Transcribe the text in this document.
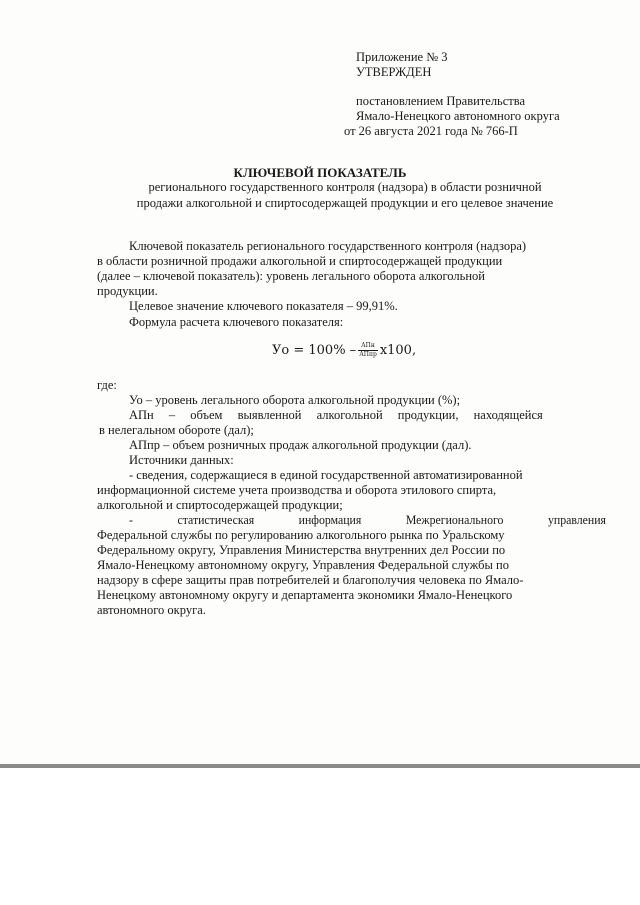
Приложение № 3
УТВЕРЖДЕН
постановлением Правительства
Ямало-Ненецкого автономного округа
от 26 августа 2021 года № 766-П
КЛЮЧЕВОЙ ПОКАЗАТЕЛЬ
регионального государственного контроля (надзора) в области розничной
продажи алкогольной и спиртосодержащей продукции и его целевое значение
Ключевой показатель регионального государственного контроля (надзора)
в области розничной продажи алкогольной и спиртосодержащей продукции
(далее – ключевой показатель): уровень легального оборота алкогольной
продукции.
Целевое значение ключевого показателя – 99,91%.
Формула расчета ключевого показателя:
Уо = $100\% - \frac{\text{АПн}}{\text{АПпр}} x100$,
где:
Уо – уровень легального оборота алкогольной продукции (%);
АПн – объем выявленной алкогольной продукции, находящейся
в нелегальном обороте (дал);
АПпр – объем розничных продаж алкогольной продукции (дал).
Источники данных:
- сведения, содержащиеся в единой государственной автоматизированной
информационной системе учета производства и оборота этилового спирта,
алкогольной и спиртосодержащей продукции;
- статистическая информация Межрегионального управления
Федеральной службы по регулированию алкогольного рынка по Уральскому
Федеральному округу, Управления Министерства внутренних дел России по
Ямало-Ненецкому автономному округу, Управления Федеральной службы по
надзору в сфере защиты прав потребителей и благополучия человека по Ямало-
Ненецкому автономному округу и департамента экономики Ямало-Ненецкого
автономного округа.
